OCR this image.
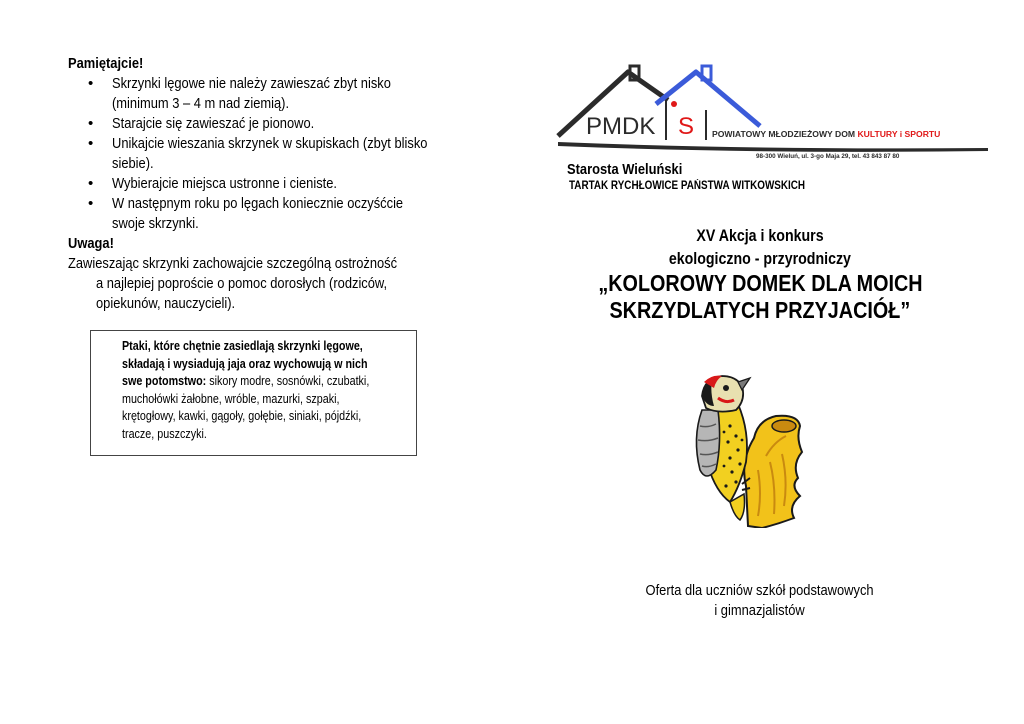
Pamiętajcie!
• Skrzynki lęgowe nie należy zawieszać zbyt nisko
(minimum 3 – 4 m nad ziemią).
• Starajcie się zawieszać je pionowo.
• Unikajcie wieszania skrzynek w skupiskach (zbyt blisko
siebie).
• Wybierajcie miejsca ustronne i cieniste.
• W następnym roku po lęgach koniecznie oczyśćcie
swoje skrzynki.
Uwaga!
Zawieszając skrzynki zachowajcie szczególną ostrożność

a najlepiej poproście o pomoc dorosłych (rodziców,
opiekunów, nauczycieli).
Ptaki, które chętnie zasiedlają skrzynki lęgowe,
składają i wysiadują jaja oraz wychowują w nich
swe potomstwo: sikory modre, sosnówki, czubatki,
muchołówki żałobne, wróble, mazurki, szpaki,
krętogłowy, kawki, gągoły, gołębie, siniaki, pójdźki,
tracze, puszczyki.
PMDK S POWIATOWY MŁODZIEŻOWY DOM KULTURY i SPORTU
98-300 Wieluń, ul. 3-go Maja 29, tel. 43 843 87 80
Starosta Wieluński
TARTAK RYCHŁOWICE PAŃSTWA WITKOWSKICH
XV Akcja i konkurs
ekologiczno - przyrodniczy
„KOLOROWY DOMEK DLA MOICH
SKRZYDLATYCH PRZYJACIÓŁ”
Oferta dla uczniów szkół podstawowych
i gimnazjalistów
